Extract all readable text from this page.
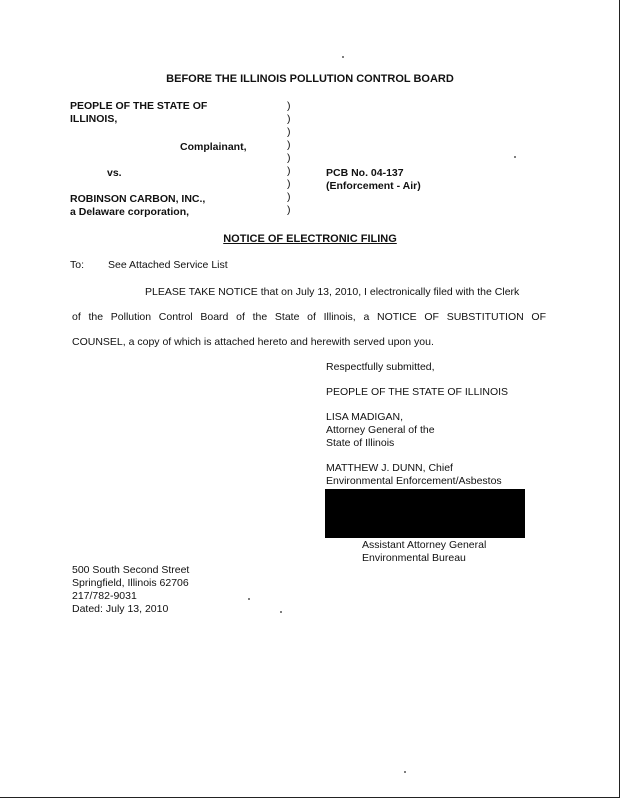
BEFORE THE ILLINOIS POLLUTION CONTROL BOARD
PEOPLE OF THE STATE OF
ILLINOIS,
Complainant,
vs.
ROBINSON CARBON, INC.,
a Delaware corporation,
)
)
)
)
)
)
)
)
)
PCB No. 04-137
(Enforcement - Air)
NOTICE OF ELECTRONIC FILING
To: See Attached Service List
PLEASE TAKE NOTICE that on July 13, 2010, I electronically filed with the Clerk
of the Pollution Control Board of the State of Illinois, a NOTICE OF SUBSTITUTION OF
COUNSEL, a copy of which is attached hereto and herewith served upon you.
Respectfully submitted,
PEOPLE OF THE STATE OF ILLINOIS
LISA MADIGAN,
Attorney General of the
State of Illinois
MATTHEW J. DUNN, Chief
Environmental Enforcement/Asbestos
Assistant Attorney General
Environmental Bureau
500 South Second Street
Springfield, Illinois 62706
217/782-9031
Dated: July 13, 2010
